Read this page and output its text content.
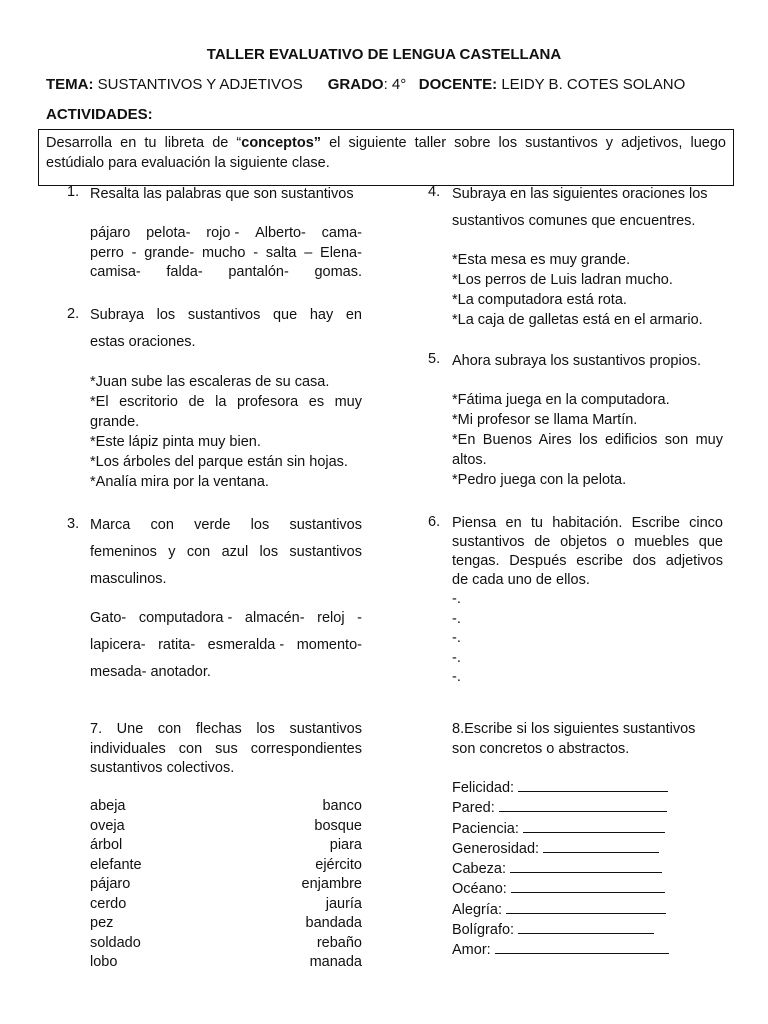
TALLER EVALUATIVO DE LENGUA CASTELLANA
TEMA: SUSTANTIVOS Y ADJETIVOS GRADO: 4° DOCENTE: LEIDY B. COTES SOLANO
ACTIVIDADES:
Desarrolla en tu libreta de “conceptos” el siguiente taller sobre los sustantivos y adjetivos, luego estúdialo para evaluación la siguiente clase.
1. Resalta las palabras que son sustantivos
pájaro pelota- rojo - Alberto- cama-
perro - grande- mucho - salta – Elena-
camisa- falda- pantalón- gomas.
2. Subraya los sustantivos que hay en
estas oraciones.
*Juan sube las escaleras de su casa.
*El escritorio de la profesora es muy
grande.
*Este lápiz pinta muy bien.
*Los árboles del parque están sin hojas.
*Analía mira por la ventana.
3. Marca con verde los sustantivos
femeninos y con azul los sustantivos
masculinos.
Gato- computadora - almacén- reloj -
lapicera- ratita- esmeralda - momento-
mesada- anotador.
4. Subraya en las siguientes oraciones los
sustantivos comunes que encuentres.
*Esta mesa es muy grande.
*Los perros de Luis ladran mucho.
*La computadora está rota.
*La caja de galletas está en el armario.
5. Ahora subraya los sustantivos propios.
*Fátima juega en la computadora.
*Mi profesor se llama Martín.
*En Buenos Aires los edificios son muy
altos.
*Pedro juega con la pelota.
6. Piensa en tu habitación. Escribe cinco
sustantivos de objetos o muebles que
tengas. Después escribe dos adjetivos
de cada uno de ellos.
-.
-.
-.
-.
-.
7. Une con flechas los sustantivos
individuales con sus correspondientes
sustantivos colectivos.
abeja	banco
oveja	bosque
árbol	piara
elefante	ejército
pájaro	enjambre
cerdo	jauría
pez	bandada
soldado	rebaño
lobo	manada
8.Escribe si los siguientes sustantivos
son concretos o abstractos.
Felicidad:
Pared:
Paciencia:
Generosidad:
Cabeza:
Océano:
Alegría:
Bolígrafo:
Amor:
